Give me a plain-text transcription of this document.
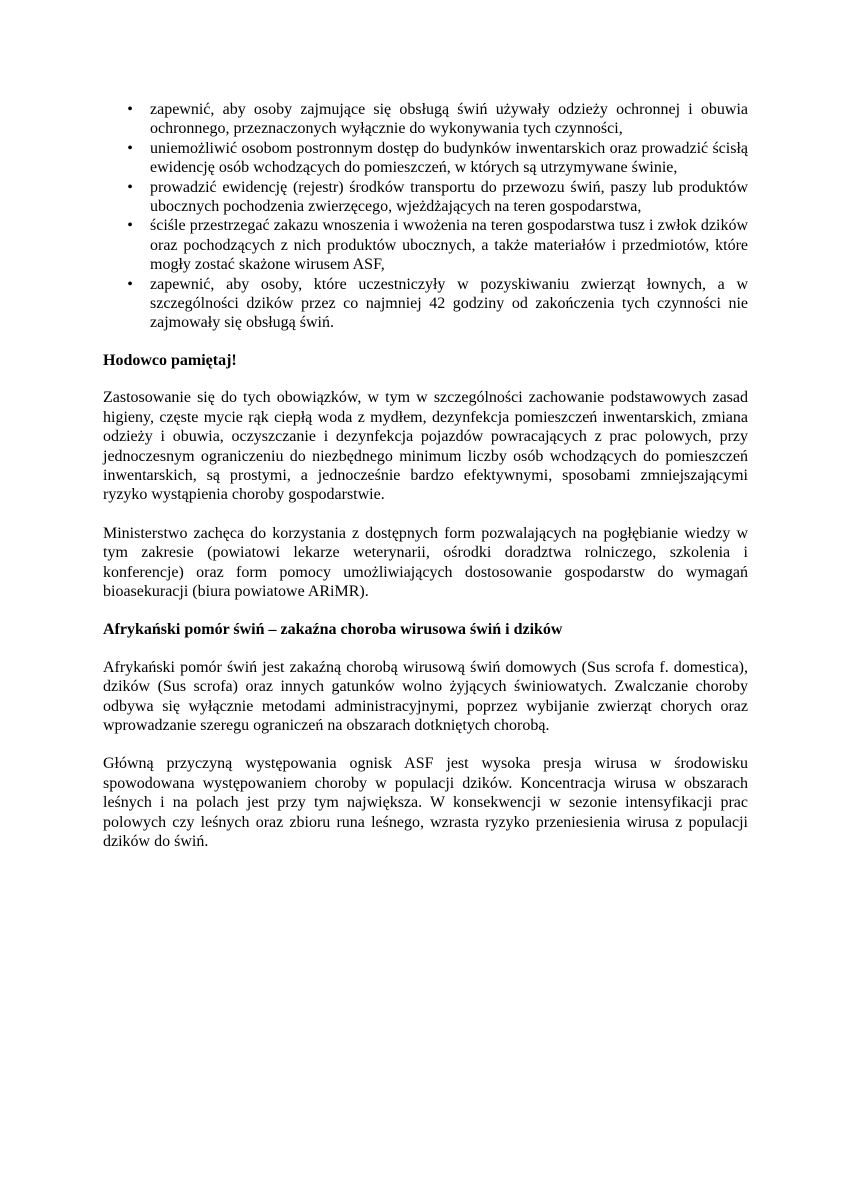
•
zapewnić, aby osoby zajmujące się obsługą świń używały odzieży ochronnej i obuwia ochronnego, przeznaczonych wyłącznie do wykonywania tych czynności,
•
uniemożliwić osobom postronnym dostęp do budynków inwentarskich oraz prowadzić ścisłą ewidencję osób wchodzących do pomieszczeń, w których są utrzymywane świnie,
•
prowadzić ewidencję (rejestr) środków transportu do przewozu świń, paszy lub produktów ubocznych pochodzenia zwierzęcego, wjeżdżających na teren gospodarstwa,
•
ściśle przestrzegać zakazu wnoszenia i wwożenia na teren gospodarstwa tusz i zwłok dzików oraz pochodzących z nich produktów ubocznych, a także materiałów i przedmiotów, które mogły zostać skażone wirusem ASF,
•
zapewnić, aby osoby, które uczestniczyły w pozyskiwaniu zwierząt łownych, a w szczególności dzików przez co najmniej 42 godziny od zakończenia tych czynności nie zajmowały się obsługą świń.
Hodowco pamiętaj!

Zastosowanie się do tych obowiązków, w tym w szczególności zachowanie podstawowych zasad higieny, częste mycie rąk ciepłą woda z mydłem, dezynfekcja pomieszczeń inwentarskich, zmiana odzieży i obuwia, oczyszczanie i dezynfekcja pojazdów powracających z prac polowych, przy jednoczesnym ograniczeniu do niezbędnego minimum liczby osób wchodzących do pomieszczeń inwentarskich, są prostymi, a jednocześnie bardzo efektywnymi, sposobami zmniejszającymi ryzyko wystąpienia choroby gospodarstwie.

Ministerstwo zachęca do korzystania z dostępnych form pozwalających na pogłębianie wiedzy w tym zakresie (powiatowi lekarze weterynarii, ośrodki doradztwa rolniczego, szkolenia i konferencje) oraz form pomocy umożliwiających dostosowanie gospodarstw do wymagań bioasekuracji (biura powiatowe ARiMR).

Afrykański pomór świń – zakaźna choroba wirusowa świń i dzików

Afrykański pomór świń jest zakaźną chorobą wirusową świń domowych (Sus scrofa f. domestica), dzików (Sus scrofa) oraz innych gatunków wolno żyjących świniowatych. Zwalczanie choroby odbywa się wyłącznie metodami administracyjnymi, poprzez wybijanie zwierząt chorych oraz wprowadzanie szeregu ograniczeń na obszarach dotkniętych chorobą.

Główną przyczyną występowania ognisk ASF jest wysoka presja wirusa w środowisku spowodowana występowaniem choroby w populacji dzików. Koncentracja wirusa w obszarach leśnych i na polach jest przy tym największa. W konsekwencji w sezonie intensyfikacji prac polowych czy leśnych oraz zbioru runa leśnego, wzrasta ryzyko przeniesienia wirusa z populacji dzików do świń.
